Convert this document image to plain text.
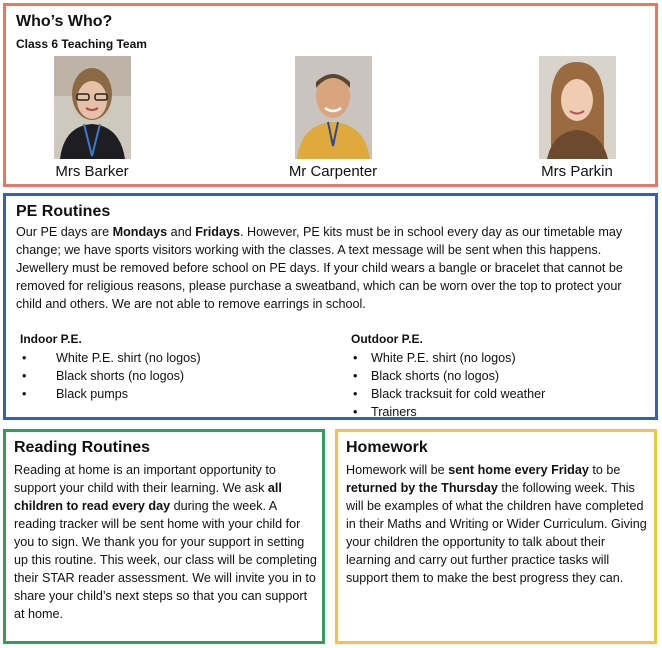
Who’s Who?
Class 6 Teaching Team
Mrs Barker	Mr Carpenter	Mrs Parkin
PE Routines

Our PE days are Mondays and Fridays. However, PE kits must be in school every day as our timetable may change; we have sports visitors working with the classes. A text message will be sent when this happens.

Jewellery must be removed before school on PE days. If your child wears a bangle or bracelet that cannot be removed for religious reasons, please purchase a sweatband, which can be worn over the top to protect your child and others. We are not able to remove earrings in school.

Indoor P.E.
• White P.E. shirt (no logos)
• Black shorts (no logos)
• Black pumps
Outdoor P.E.
• White P.E. shirt (no logos)
• Black shorts (no logos)
• Black tracksuit for cold weather
• Trainers
Reading Routines

Reading at home is an important opportunity to support your child with their learning. We ask all children to read every day during the week. A reading tracker will be sent home with your child for you to sign. We thank you for your support in setting up this routine. This week, our class will be completing their STAR reader assessment. We will invite you in to share your child’s next steps so that you can support at home.

Homework

Homework will be sent home every Friday to be returned by the Thursday the following week. This will be examples of what the children have completed in their Maths and Writing or Wider Curriculum. Giving your children the opportunity to talk about their learning and carry out further practice tasks will support them to make the best progress they can.
